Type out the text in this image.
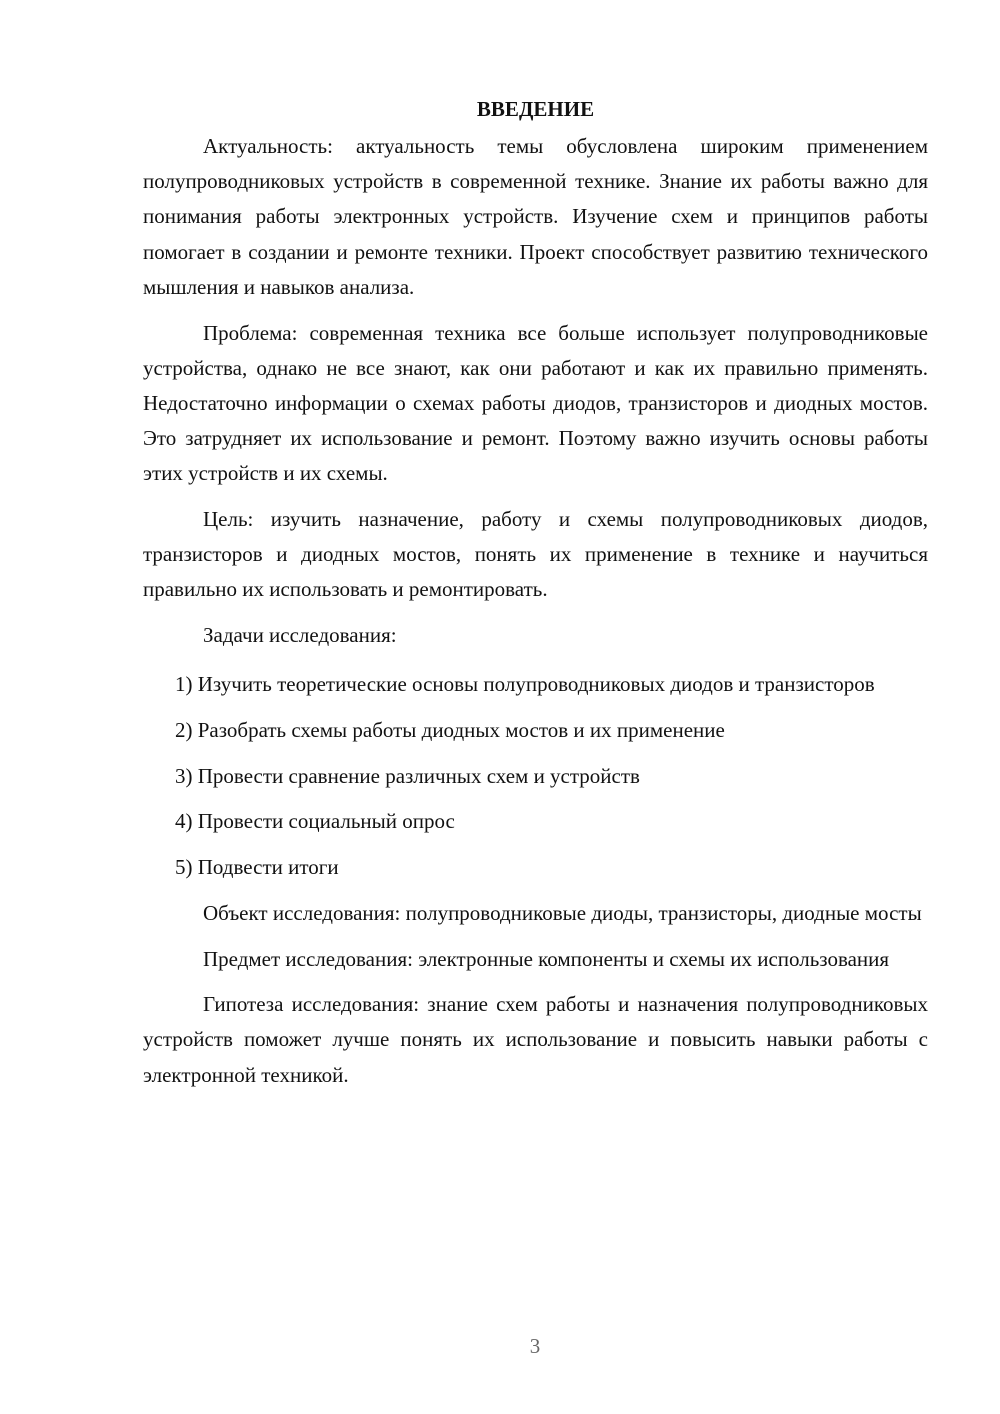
ВВЕДЕНИЕ

Актуальность: актуальность темы обусловлена широким применением полупроводниковых устройств в современной технике. Знание их работы важно для понимания работы электронных устройств. Изучение схем и принципов работы помогает в создании и ремонте техники. Проект способствует развитию технического мышления и навыков анализа.

Проблема: современная техника все больше использует полупроводниковые устройства, однако не все знают, как они работают и как их правильно применять. Недостаточно информации о схемах работы диодов, транзисторов и диодных мостов. Это затрудняет их использование и ремонт. Поэтому важно изучить основы работы этих устройств и их схемы.

Цель: изучить назначение, работу и схемы полупроводниковых диодов, транзисторов и диодных мостов, понять их применение в технике и научиться правильно их использовать и ремонтировать.

Задачи исследования:

1) Изучить теоретические основы полупроводниковых диодов и транзисторов

2) Разобрать схемы работы диодных мостов и их применение

3) Провести сравнение различных схем и устройств

4) Провести социальный опрос

5) Подвести итоги

Объект исследования: полупроводниковые диоды, транзисторы, диодные мосты

Предмет исследования: электронные компоненты и схемы их использования

Гипотеза исследования: знание схем работы и назначения полупроводниковых устройств поможет лучше понять их использование и повысить навыки работы с электронной техникой.

3
